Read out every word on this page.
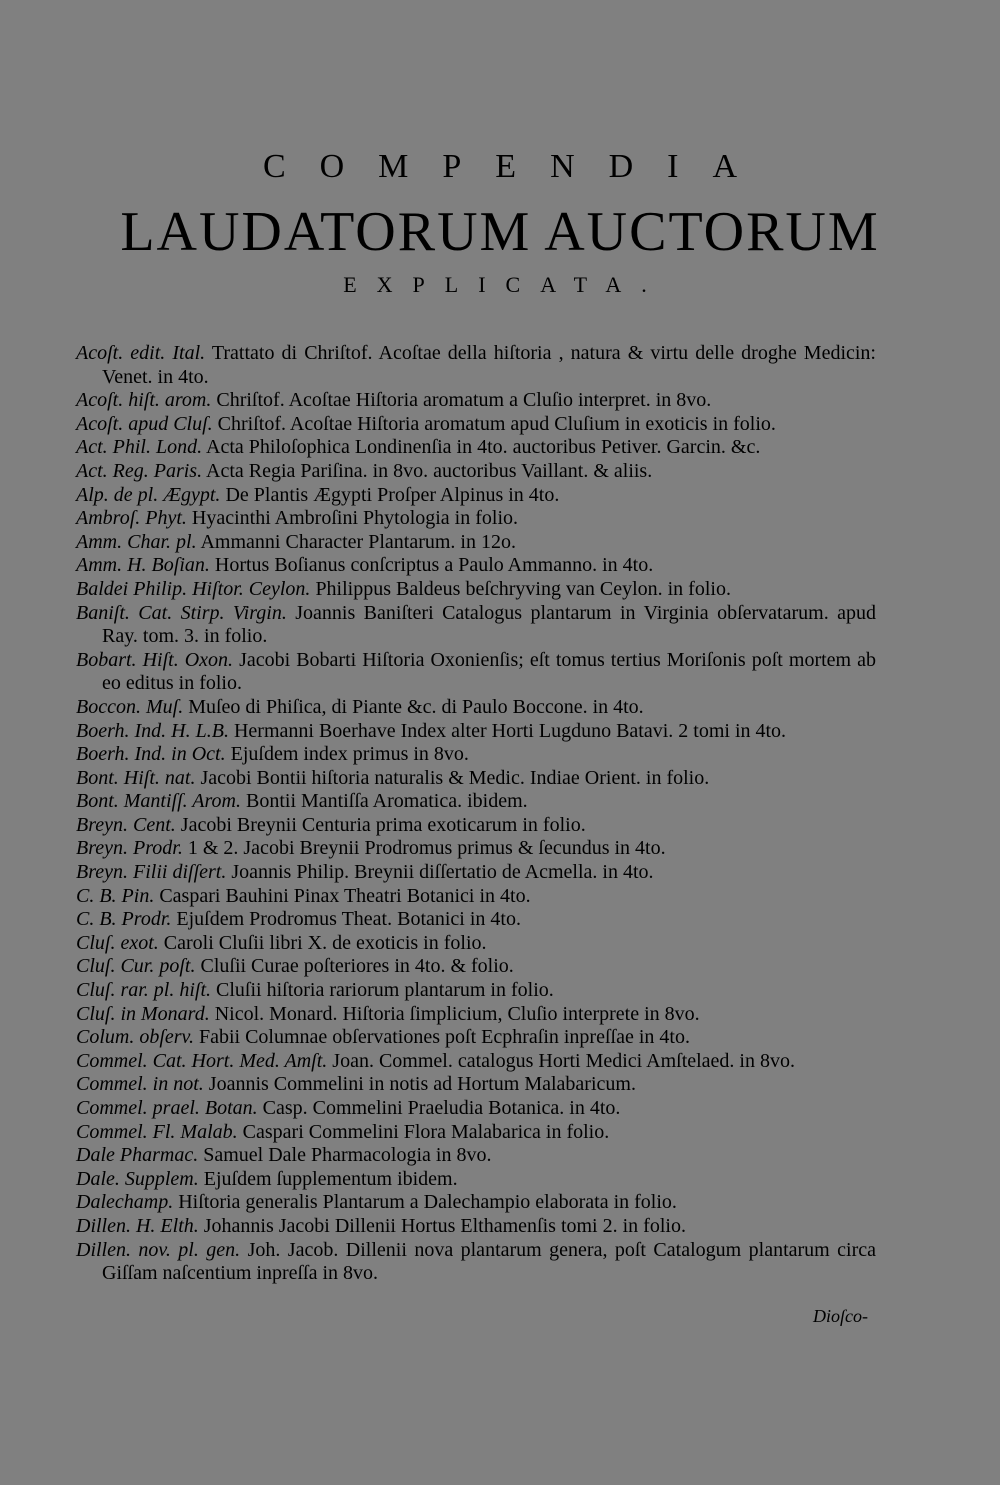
COMPENDIA
LAUDATORUM AUCTORUM
EXPLICATA.
Acoſt. edit. Ital. Trattato di Chriſtof. Acoſtae della hiſtoria , natura & virtu delle droghe Medicin: Venet. in 4to.
Acoſt. hiſt. arom. Chriſtof. Acoſtae Hiſtoria aromatum a Cluſio interpret. in 8vo.
Acoſt. apud Cluſ. Chriſtof. Acoſtae Hiſtoria aromatum apud Cluſium in exoticis in folio.
Act. Phil. Lond. Acta Philoſophica Londinenſia in 4to. auctoribus Petiver. Garcin. &c.
Act. Reg. Paris. Acta Regia Pariſina. in 8vo. auctoribus Vaillant. & aliis.
Alp. de pl. Ægypt. De Plantis Ægypti Proſper Alpinus in 4to.
Ambroſ. Phyt. Hyacinthi Ambroſini Phytologia in folio.
Amm. Char. pl. Ammanni Character Plantarum. in 12o.
Amm. H. Boſian. Hortus Boſianus conſcriptus a Paulo Ammanno. in 4to.
Baldei Philip. Hiſtor. Ceylon. Philippus Baldeus beſchryving van Ceylon. in folio.
Baniſt. Cat. Stirp. Virgin. Joannis Baniſteri Catalogus plantarum in Virginia obſervatarum. apud Ray. tom. 3. in folio.
Bobart. Hiſt. Oxon. Jacobi Bobarti Hiſtoria Oxonienſis; eſt tomus tertius Moriſonis poſt mortem ab eo editus in folio.
Boccon. Muſ. Muſeo di Phiſica, di Piante &c. di Paulo Boccone. in 4to.
Boerh. Ind. H. L.B. Hermanni Boerhave Index alter Horti Lugduno Batavi. 2 tomi in 4to.
Boerh. Ind. in Oct. Ejuſdem index primus in 8vo.
Bont. Hiſt. nat. Jacobi Bontii hiſtoria naturalis & Medic. Indiae Orient. in folio.
Bont. Mantiſſ. Arom. Bontii Mantiſſa Aromatica. ibidem.
Breyn. Cent. Jacobi Breynii Centuria prima exoticarum in folio.
Breyn. Prodr. 1 & 2. Jacobi Breynii Prodromus primus & ſecundus in 4to.
Breyn. Filii diſſert. Joannis Philip. Breynii diſſertatio de Acmella. in 4to.
C. B. Pin. Caspari Bauhini Pinax Theatri Botanici in 4to.
C. B. Prodr. Ejuſdem Prodromus Theat. Botanici in 4to.
Cluſ. exot. Caroli Cluſii libri X. de exoticis in folio.
Cluſ. Cur. poſt. Cluſii Curae poſteriores in 4to. & folio.
Cluſ. rar. pl. hiſt. Cluſii hiſtoria rariorum plantarum in folio.
Cluſ. in Monard. Nicol. Monard. Hiſtoria ſimplicium, Cluſio interprete in 8vo.
Colum. obſerv. Fabii Columnae obſervationes poſt Ecphraſin inpreſſae in 4to.
Commel. Cat. Hort. Med. Amſt. Joan. Commel. catalogus Horti Medici Amſtelaed. in 8vo.
Commel. in not. Joannis Commelini in notis ad Hortum Malabaricum.
Commel. prael. Botan. Casp. Commelini Praeludia Botanica. in 4to.
Commel. Fl. Malab. Caspari Commelini Flora Malabarica in folio.
Dale Pharmac. Samuel Dale Pharmacologia in 8vo.
Dale. Supplem. Ejuſdem ſupplementum ibidem.
Dalechamp. Hiſtoria generalis Plantarum a Dalechampio elaborata in folio.
Dillen. H. Elth. Johannis Jacobi Dillenii Hortus Elthamenſis tomi 2. in folio.
Dillen. nov. pl. gen. Joh. Jacob. Dillenii nova plantarum genera, poſt Catalogum plantarum circa Giſſam naſcentium inpreſſa in 8vo.
Dioſco-
